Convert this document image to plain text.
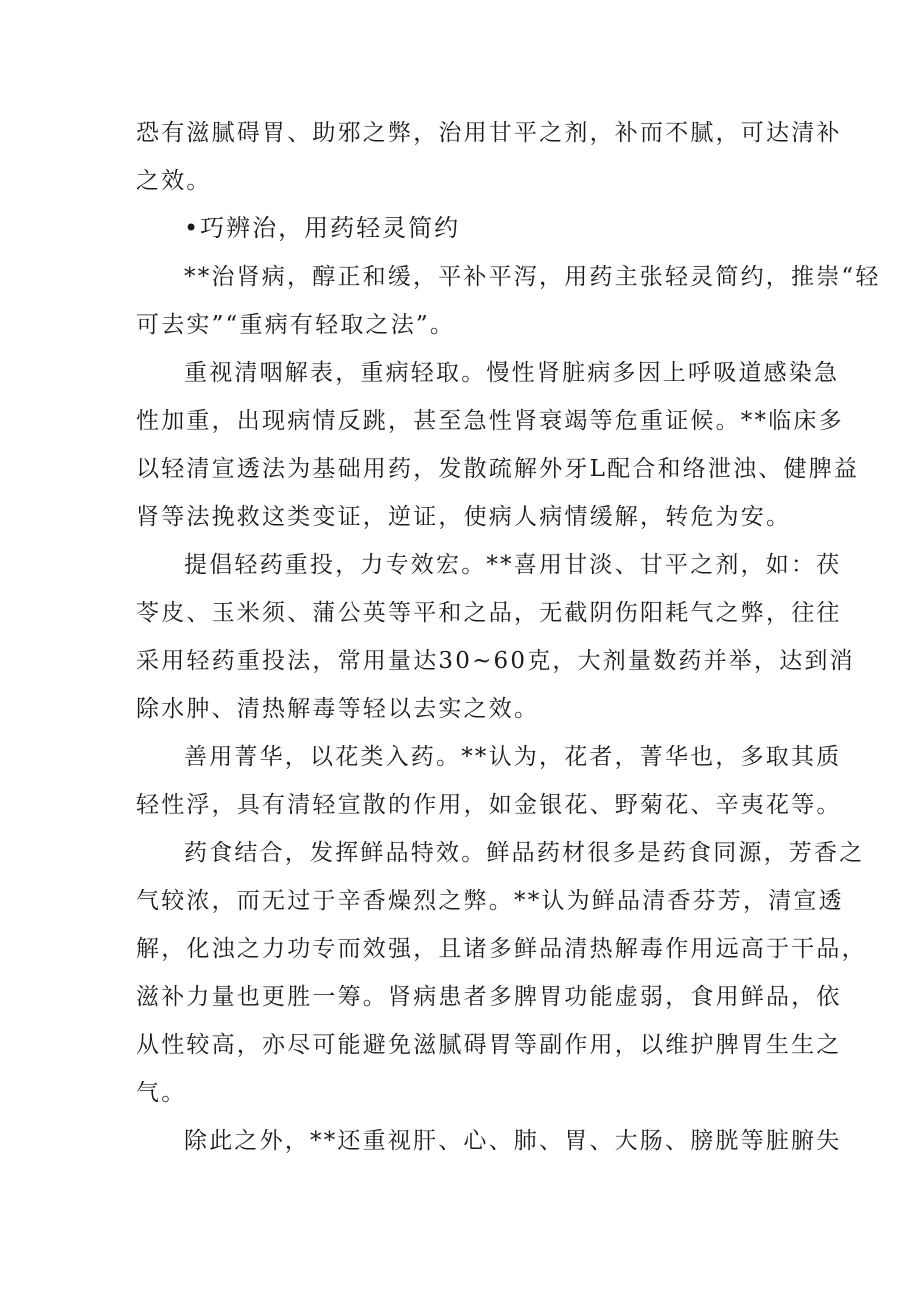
恐有滋腻碍胃、助邪之弊，治用甘平之剂，补而不腻，可达清补
之效。
•巧辨治，用药轻灵简约
**治肾病，醇正和缓，平补平泻，用药主张轻灵简约，推崇“轻
可去实”“重病有轻取之法”。
重视清咽解表，重病轻取。慢性肾脏病多因上呼吸道感染急
性加重，出现病情反跳，甚至急性肾衰竭等危重证候。**临床多
以轻清宣透法为基础用药，发散疏解外牙L配合和络泄浊、健脾益
肾等法挽救这类变证，逆证，使病人病情缓解，转危为安。
提倡轻药重投，力专效宏。**喜用甘淡、甘平之剂，如：茯
苓皮、玉米须、蒲公英等平和之品，无截阴伤阳耗气之弊，往往
采用轻药重投法，常用量达30~60克，大剂量数药并举，达到消
除水肿、清热解毒等轻以去实之效。
善用菁华，以花类入药。**认为，花者，菁华也，多取其质
轻性浮，具有清轻宣散的作用，如金银花、野菊花、辛夷花等。
药食结合，发挥鲜品特效。鲜品药材很多是药食同源，芳香之
气较浓，而无过于辛香燥烈之弊。**认为鲜品清香芬芳，清宣透
解，化浊之力功专而效强，且诸多鲜品清热解毒作用远高于干品，
滋补力量也更胜一筹。肾病患者多脾胃功能虚弱，食用鲜品，依
从性较高，亦尽可能避免滋腻碍胃等副作用，以维护脾胃生生之
气。
除此之外，**还重视肝、心、肺、胃、大肠、膀胱等脏腑失
